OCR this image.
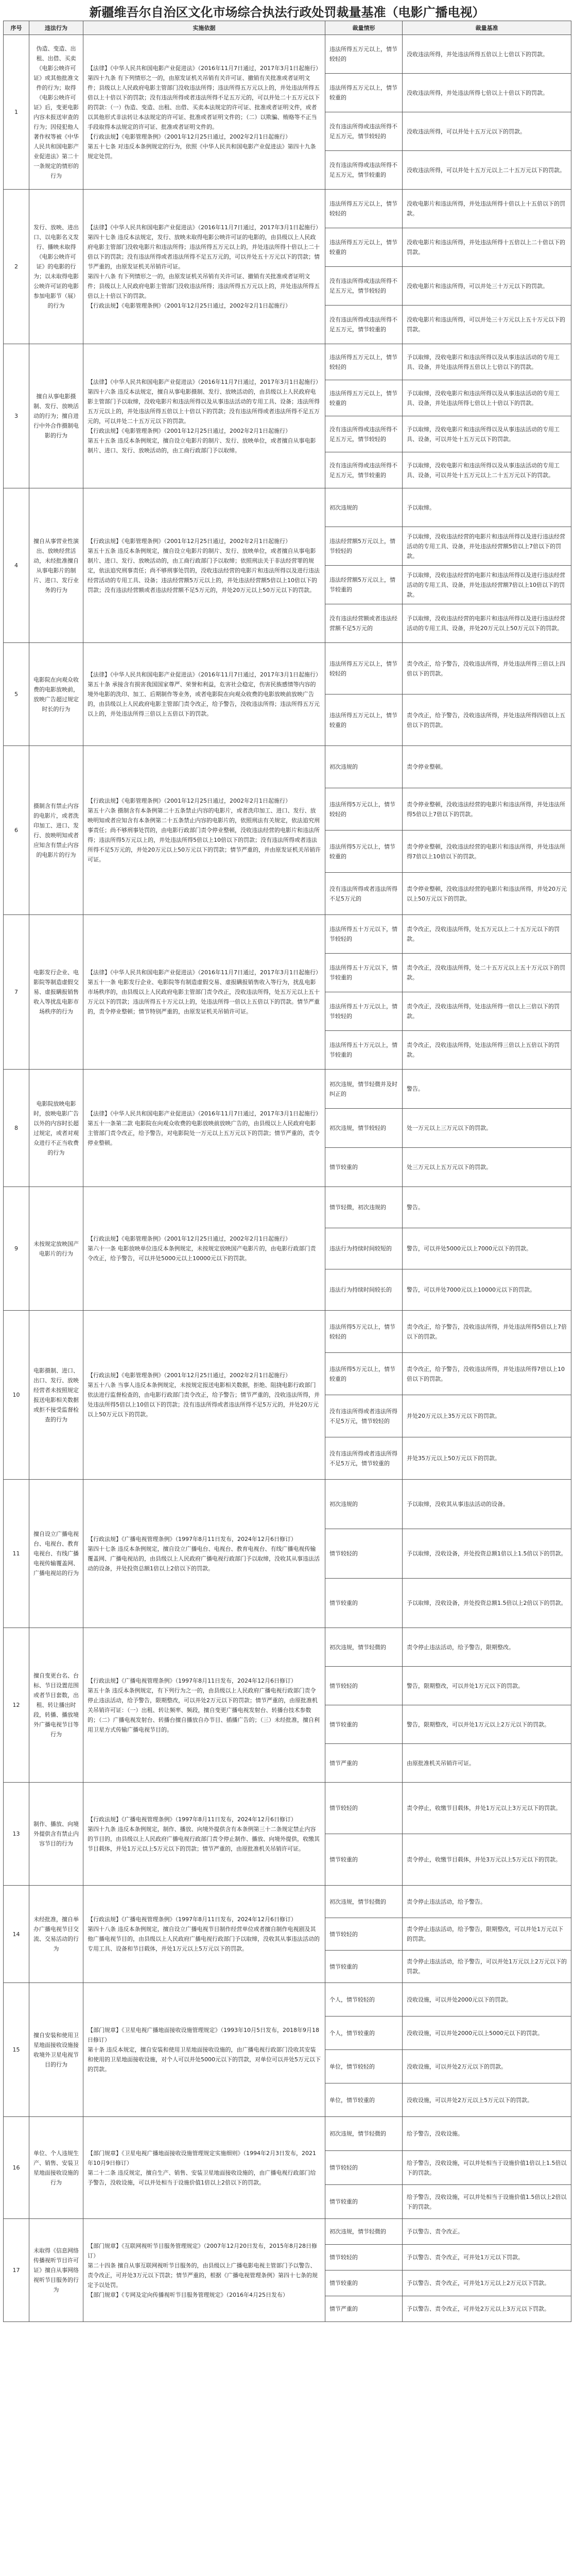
新疆维吾尔自治区文化市场综合执法行政处罚裁量基准（电影广播电视）
序号	违法行为	实施依据	裁量情形	裁量基准
1	伪造、变造、出租、出借、买卖《电影公映许可证》或其他批准文件的行为；取得《电影公映许可证》后，变更电影内容未报送审查的行为；因侵犯他人著作权等被《中华人民共和国电影产业促进法》第二十一条规定的情形的行为	【法律】《中华人民共和国电影产业促进法》（2016年11月7日通过，2017年3月1日起施行）
第四十九条 有下列情形之一的，由原发证机关吊销有关许可证、撤销有关批准或者证明文件；县级以上人民政府电影主管部门没收违法所得；违法所得五万元以上的，并处违法所得五倍以上十倍以下的罚款；没有违法所得或者违法所得不足五万元的，可以并处二十五万元以下的罚款：（一）伪造、变造、出租、出借、买卖本法规定的许可证、批准或者证明文件，或者以其他形式非法转让本法规定的许可证、批准或者证明文件的；（二）以欺骗、贿赂等不正当手段取得本法规定的许可证、批准或者证明文件的。
【行政法规】《电影管理条例》（2001年12月25日通过，2002年2月1日起施行）
第五十七条 对违反本条例规定的行为，依照《中华人民共和国电影产业促进法》第四十九条规定处罚。	违法所得五万元以上，情节较轻的	没收违法所得，并处违法所得五倍以上七倍以下的罚款。
			违法所得五万元以上，情节较重的	没收违法所得，并处违法所得七倍以上十倍以下的罚款。
			没有违法所得或违法所得不足五万元，情节较轻的	没收违法所得，可以并处十五万元以下的罚款。
			没有违法所得或违法所得不足五万元，情节较重的	没收违法所得，可以并处十五万元以上二十五万元以下的罚款。
2	发行、放映、进出口、以电影名义发行、播映未取得《电影公映许可证》的电影的行为；以未取得电影公映许可证的电影参加电影节（展）的行为	【法律】《中华人民共和国电影产业促进法》（2016年11月7日通过，2017年3月1日起施行）
第四十七条 违反本法规定，发行、放映未取得电影公映许可证的电影的，由县级以上人民政府电影主管部门没收电影片和违法所得；违法所得五万元以上的，并处违法所得十倍以上二十倍以下的罚款；没有违法所得或者违法所得不足五万元的，可以并处五十万元以下的罚款；情节严重的，由原发证机关吊销许可证。
第四十八条 有下列情形之一的，由原发证机关吊销有关许可证、撤销有关批准或者证明文件；县级以上人民政府电影主管部门没收违法所得；违法所得五万元以上的，并处违法所得五倍以上十倍以下的罚款。
【行政法规】《电影管理条例》（2001年12月25日通过，2002年2月1日起施行）	违法所得五万元以上，情节较轻的	没收电影片和违法所得，并处违法所得十倍以上十五倍以下的罚款。
			违法所得五万元以上，情节较重的	没收电影片和违法所得，并处违法所得十五倍以上二十倍以下的罚款。
			没有违法所得或违法所得不足五万元，情节较轻的	没收电影片和违法所得，可以并处三十万元以下的罚款。
			没有违法所得或违法所得不足五万元，情节较重的	没收电影片和违法所得，可以并处三十万元以上五十万元以下的罚款。
3	擅自从事电影摄制、发行、放映活动的行为；擅自进行中外合作摄制电影的行为	【法律】《中华人民共和国电影产业促进法》（2016年11月7日通过，2017年3月1日起施行）
第四十六条 违反本法规定，擅自从事电影摄制、发行、放映活动的，由县级以上人民政府电影主管部门予以取缔，没收电影片和违法所得以及从事违法活动的专用工具、设备；违法所得五万元以上的，并处违法所得五倍以上十倍以下的罚款；没有违法所得或者违法所得不足五万元的，可以并处二十五万元以下的罚款。
【行政法规】《电影管理条例》（2001年12月25日通过，2002年2月1日起施行）
第五十五条 违反本条例规定，擅自设立电影片的制片、发行、放映单位，或者擅自从事电影制片、进口、发行、放映活动的，由工商行政部门予以取缔。	违法所得五万元以上，情节较轻的	予以取缔，没收电影片和违法所得以及从事违法活动的专用工具、设备，并处违法所得五倍以上七倍以下的罚款。
			违法所得五万元以上，情节较重的	予以取缔，没收电影片和违法所得以及从事违法活动的专用工具、设备，并处违法所得七倍以上十倍以下的罚款。
			没有违法所得或违法所得不足五万元，情节较轻的	予以取缔，没收电影片和违法所得以及从事违法活动的专用工具、设备，可以并处十五万元以下的罚款。
			没有违法所得或违法所得不足五万元，情节较重的	予以取缔，没收电影片和违法所得以及从事违法活动的专用工具、设备，可以并处十五万元以上二十五万元以下的罚款。
4	擅自从事营业性演出、放映经营活动，未经批准擅自从事电影片的制片、进口、发行业务的行为	【行政法规】《电影管理条例》（2001年12月25日通过，2002年2月1日起施行）
第五十五条 违反本条例规定，擅自设立电影片的制片、发行、放映单位，或者擅自从事电影制片、进口、发行、放映活动的，由工商行政部门予以取缔；依照刑法关于非法经营罪的规定，依法追究刑事责任；尚不够刑事处罚的，没收违法经营的电影片和违法所得以及进行违法经营活动的专用工具、设备；违法经营额5万元以上的，并处违法经营额5倍以上10倍以下的罚款；没有违法经营额或者违法经营额不足5万元的，并处20万元以上50万元以下的罚款。	初次违规的	予以取缔。
			违法经营额5万元以上，情节较轻的	予以取缔，没收违法经营的电影片和违法所得以及进行违法经营活动的专用工具、设备，并处违法经营额5倍以上7倍以下的罚款。
			违法经营额5万元以上，情节较重的	予以取缔，没收违法经营的电影片和违法所得以及进行违法经营活动的专用工具、设备，并处违法经营额7倍以上10倍以下的罚款。
			没有违法经营额或者违法经营额不足5万元的	予以取缔，没收违法经营的电影片和违法所得以及进行违法经营活动的专用工具、设备，并处20万元以上50万元以下的罚款。
5	电影院在向观众收费的电影放映前，放映广告超过规定时长的行为	【法律】《中华人民共和国电影产业促进法》（2016年11月7日通过，2017年3月1日起施行）
第五十条 承接含有损害我国国家尊严、荣誉和利益，危害社会稳定，伤害民族感情等内容的境外电影的洗印、加工、后期制作等业务，或者电影院在向观众收费的电影放映前放映广告的，由县级以上人民政府电影主管部门责令改正，给予警告，没收违法所得；违法所得五万元以上的，并处违法所得三倍以上五倍以下的罚款。	违法所得五万元以上，情节较轻的	责令改正，给予警告，没收违法所得，并处违法所得三倍以上四倍以下的罚款。
			违法所得五万元以上，情节较重的	责令改正，给予警告，没收违法所得，并处违法所得四倍以上五倍以下的罚款。
6	摄制含有禁止内容的电影片，或者洗印加工、进口、发行、放映明知或者应知含有禁止内容的电影片的行为	【行政法规】《电影管理条例》（2001年12月25日通过，2002年2月1日起施行）
第五十六条 摄制含有本条例第二十五条禁止内容的电影片，或者洗印加工、进口、发行、放映明知或者应知含有本条例第二十五条禁止内容的电影片的，依照刑法有关规定，依法追究刑事责任；尚不够刑事处罚的，由电影行政部门责令停业整顿，没收违法经营的电影片和违法所得；违法所得5万元以上的，并处违法所得5倍以上10倍以下的罚款；没有违法所得或者违法所得不足5万元的，并处20万元以上50万元以下的罚款；情节严重的，并由原发证机关吊销许可证。	初次违规的	责令停业整顿。
			违法所得5万元以上，情节较轻的	责令停业整顿，没收违法经营的电影片和违法所得，并处违法所得5倍以上7倍以下的罚款。
			违法所得5万元以上，情节较重的	责令停业整顿，没收违法经营的电影片和违法所得，并处违法所得7倍以上10倍以下的罚款。
			没有违法所得或者违法所得不足5万元的	责令停业整顿，没收违法经营的电影片和违法所得，并处20万元以上50万元以下的罚款。
7	电影发行企业、电影院等制造虚假交易、虚报瞒报销售收入等扰乱电影市场秩序的行为	【法律】《中华人民共和国电影产业促进法》（2016年11月7日通过，2017年3月1日起施行）
第五十一条 电影发行企业、电影院等有制造虚假交易、虚报瞒报销售收入等行为，扰乱电影市场秩序的，由县级以上人民政府电影主管部门责令改正，没收违法所得，处五万元以上五十万元以下的罚款；违法所得五十万元以上的，处违法所得一倍以上五倍以下的罚款。情节严重的，责令停业整顿；情节特别严重的，由原发证机关吊销许可证。	违法所得五十万元以下，情节较轻的	责令改正，没收违法所得，处五万元以上二十五万元以下的罚款。
			违法所得五十万元以下，情节较重的	责令改正，没收违法所得，处二十五万元以上五十万元以下的罚款。
			违法所得五十万元以上，情节较轻的	责令改正，没收违法所得，处违法所得一倍以上三倍以下的罚款。
			违法所得五十万元以上，情节较重的	责令改正，没收违法所得，处违法所得三倍以上五倍以下的罚款。
8	电影院放映电影时，放映电影广告以外的内容时长超过规定，或者对观众进行不正当收费的行为	【法律】《中华人民共和国电影产业促进法》（2016年11月7日通过，2017年3月1日起施行）
第五十一条第二款 电影院在向观众收费的电影放映前放映广告的，由县级以上人民政府电影主管部门责令改正，给予警告，对电影院处一万元以上五万元以下的罚款；情节严重的，责令停业整顿。	初次违规，情节轻微并及时纠正的	警告。
			初次违规，情节较轻的	处一万元以上三万元以下的罚款。
			情节较重的	处三万元以上五万元以下的罚款。
9	未按规定放映国产电影片的行为	【行政法规】《电影管理条例》（2001年12月25日通过，2002年2月1日起施行）
第六十一条 电影放映单位违反本条例规定，未按规定放映国产电影片的，由电影行政部门责令改正，给予警告，可以并处5000元以上10000元以下的罚款。	情节轻微，初次违规的	警告。
			违法行为持续时间较短的	警告，可以并处5000元以上7000元以下的罚款。
			违法行为持续时间较长的	警告，可以并处7000元以上10000元以下的罚款。
10	电影摄制、进口、出口、发行、放映经营者未按照规定报送电影相关数据或拒不接受监督检查的行为	【行政法规】《电影管理条例》（2001年12月25日通过，2002年2月1日起施行）
第五十八条 当事人违反本条例规定，未按规定报送电影相关数据，拒绝、阻挠电影行政部门依法进行监督检查的，由电影行政部门责令改正，给予警告；情节严重的，没收违法所得，并处违法所得5倍以上10倍以下的罚款；没有违法所得或者违法所得不足5万元的，并处20万元以上50万元以下的罚款。	违法所得5万元以上，情节较轻的	责令改正，给予警告，没收违法所得，并处违法所得5倍以上7倍以下的罚款。
			违法所得5万元以上，情节较重的	责令改正，给予警告，没收违法所得，并处违法所得7倍以上10倍以下的罚款。
			没有违法所得或者违法所得不足5万元，情节较轻的	并处20万元以上35万元以下的罚款。
			没有违法所得或者违法所得不足5万元，情节较重的	并处35万元以上50万元以下的罚款。
11	擅自设立广播电视台、电视台、教育电视台、有线广播电视传输覆盖网、广播电视站的行为	【行政法规】《广播电视管理条例》（1997年8月11日发布，2024年12月6日修订）
第四十七条 违反本条例规定，擅自设立广播电台、电视台、教育电视台、有线广播电视传输覆盖网、广播电视站的，由县级以上人民政府广播电视行政部门予以取缔，没收其从事违法活动的设备，并处投资总额1倍以上2倍以下的罚款。	初次违规的	予以取缔，没收其从事违法活动的设备。
			情节较轻的	予以取缔，没收设备，并处投资总额1倍以上1.5倍以下的罚款。
			情节较重的	予以取缔，没收设备，并处投资总额1.5倍以上2倍以下的罚款。
12	擅自变更台名、台标、节目设置范围或者节目套数，出租、转让播出时段，转播、播放境外广播电视节目等行为	【行政法规】《广播电视管理条例》（1997年8月11日发布，2024年12月6日修订）
第五十条 违反本条例规定，有下列行为之一的，由县级以上人民政府广播电视行政部门责令停止违法活动，给予警告，限期整改，可以并处2万元以下的罚款；情节严重的，由原批准机关吊销许可证：（一）出租、转让频率、频段，擅自变更广播电视发射台、转播台技术参数的；（二）广播电视发射台、转播台擅自播放自办节目、插播广告的；（三）未经批准，擅自利用卫星方式传输广播电视节目的。	初次违规，情节轻微的	责令停止违法活动，给予警告，限期整改。
			情节较轻的	警告，限期整改，可以并处1万元以下的罚款。
			情节较重的	警告，限期整改，可以并处1万元以上2万元以下的罚款。
			情节严重的	由原批准机关吊销许可证。
13	制作、播放、向境外提供含有禁止内容节目的行为	【行政法规】《广播电视管理条例》（1997年8月11日发布，2024年12月6日修订）
第四十九条 违反本条例规定，制作、播放、向境外提供含有本条例第三十二条规定禁止内容的节目的，由县级以上人民政府广播电视行政部门责令停止制作、播放、向境外提供，收缴其节目载体，并处1万元以上5万元以下的罚款；情节严重的，由原批准机关吊销许可证。	情节较轻的	责令停止，收缴节目载体，并处1万元以上3万元以下的罚款。
			情节较重的	责令停止，收缴节目载体，并处3万元以上5万元以下的罚款。
14	未经批准，擅自举办广播电视节目交流、交易活动的行为	【行政法规】《广播电视管理条例》（1997年8月11日发布，2024年12月6日修订）
第四十八条 违反本条例规定，擅自设立广播电视节目制作经营单位或者擅自制作电视剧及其他广播电视节目的，由县级以上人民政府广播电视行政部门予以取缔，没收其从事违法活动的专用工具、设备和节目载体，并处1万元以上5万元以下的罚款。	初次违规，情节轻微的	责令停止违法活动，给予警告。
			情节较轻的	责令停止违法活动，给予警告，限期整改，可以并处1万元以下的罚款。
			情节较重的	责令停止违法活动，给予警告，可以并处1万元以上2万元以下的罚款。
15	擅自安装和使用卫星地面接收设施接收境外卫星电视节目的行为	【部门规章】《卫星电视广播地面接收设施管理规定》（1993年10月5日发布，2018年9月18日修订）
第十条 违反本规定，擅自安装和使用卫星地面接收设施的，由广播电视行政部门没收其安装和使用的卫星地面接收设施，对个人可以并处5000元以下的罚款，对单位可以并处5万元以下的罚款。	个人，情节较轻的	没收设施，可以并处2000元以下的罚款。
			个人，情节较重的	没收设施，可以并处2000元以上5000元以下的罚款。
			单位，情节较轻的	没收设施，可以并处2万元以下的罚款。
			单位，情节较重的	没收设施，可以并处2万元以上5万元以下的罚款。
16	单位、个人违规生产、销售、安装卫星地面接收设施的行为	【部门规章】《卫星电视广播地面接收设施管理规定实施细则》（1994年2月3日发布，2021年10月9日修订）
第二十二条 违反规定，擅自生产、销售、安装卫星地面接收设施的，由广播电视行政部门给予警告，没收设施，可以并处相当于设施价值1倍以上2倍以下的罚款。	初次违规，情节轻微的	给予警告，没收设施。
			情节较轻的	给予警告，没收设施，可以并处相当于设施价值1倍以上1.5倍以下的罚款。
			情节较重的	给予警告，没收设施，可以并处相当于设施价值1.5倍以上2倍以下的罚款。
17	未取得《信息网络传播视听节目许可证》擅自从事网络视听节目服务的行为	【部门规章】《互联网视听节目服务管理规定》（2007年12月20日发布，2015年8月28日修订）
第二十四条 擅自从事互联网视听节目服务的，由县级以上广播电影电视主管部门予以警告、责令改正，可并处3万元以下罚款；情节严重的，根据《广播电视管理条例》第四十七条的规定予以处罚。
【部门规章】《专网及定向传播视听节目服务管理规定》（2016年4月25日发布）	初次违规，情节轻微的	予以警告、责令改正。
			情节较轻的	予以警告、责令改正，可并处1万元以下罚款。
			情节较重的	予以警告、责令改正，可并处1万元以上2万元以下罚款。
			情节严重的	予以警告、责令改正，可并处2万元以上3万元以下罚款。
